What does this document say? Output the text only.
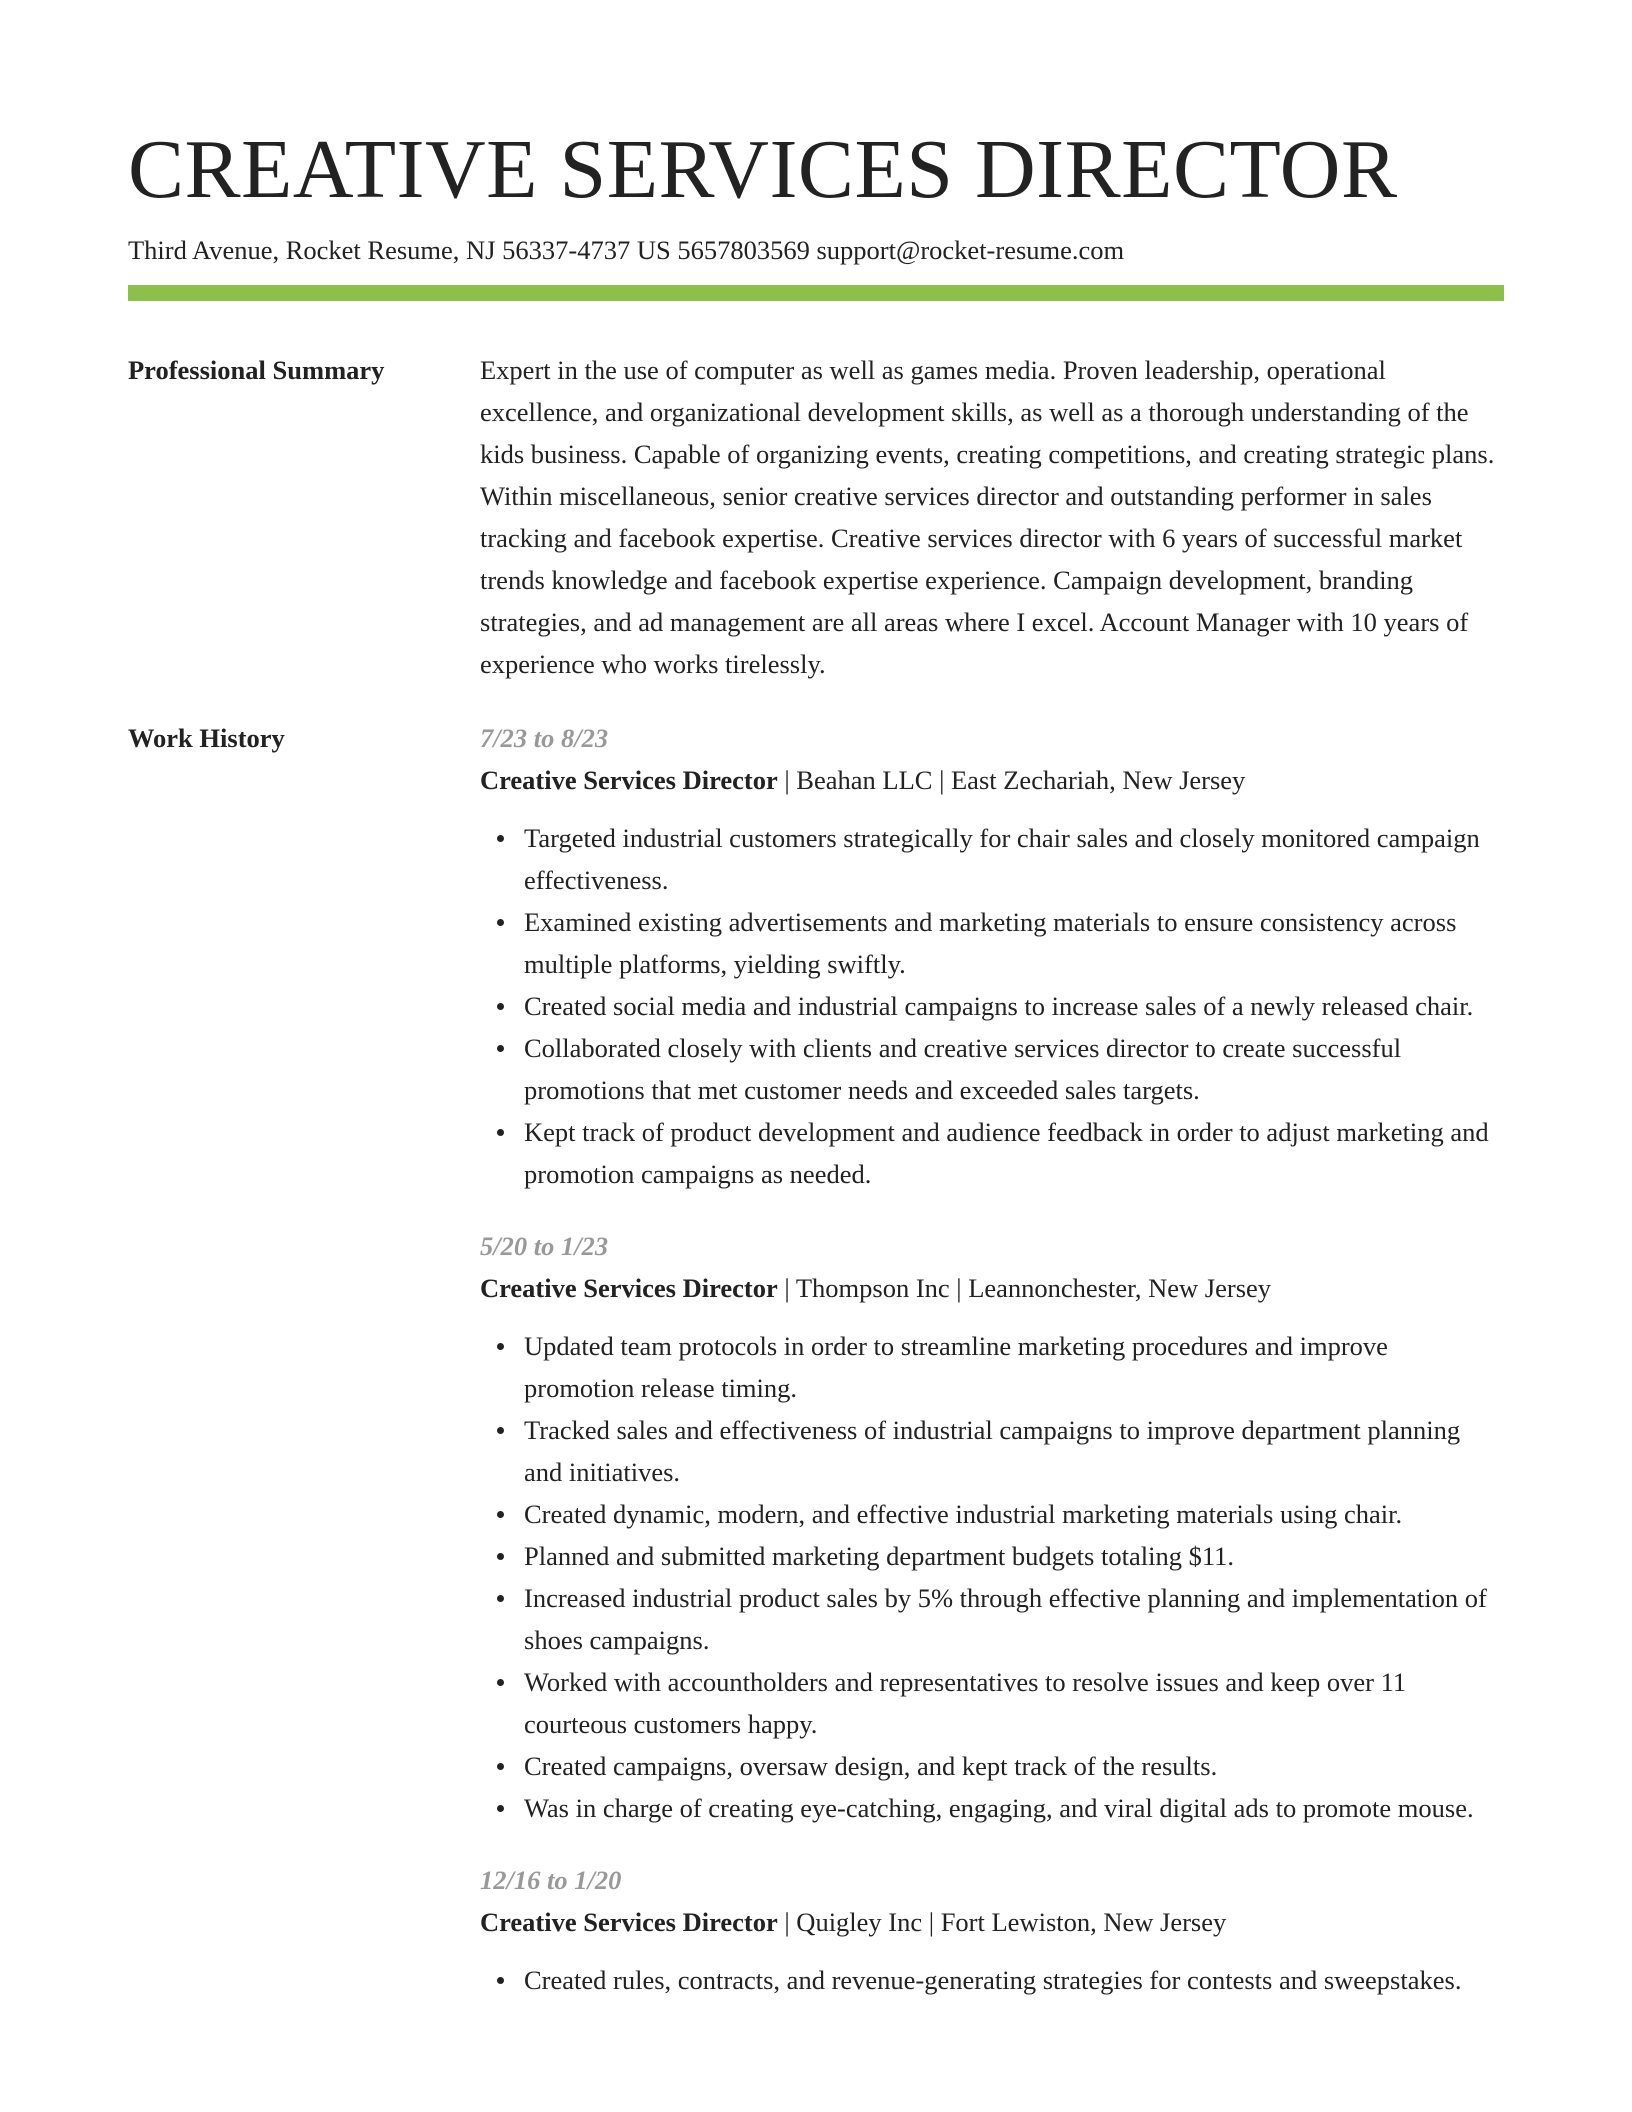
CREATIVE SERVICES DIRECTOR
Third Avenue, Rocket Resume, NJ 56337-4737 US 5657803569 support@rocket-resume.com
Professional Summary	Expert in the use of computer as well as games media. Proven leadership, operational excellence, and organizational development skills, as well as a thorough understanding of the kids business. Capable of organizing events, creating competitions, and creating strategic plans. Within miscellaneous, senior creative services director and outstanding performer in sales tracking and facebook expertise. Creative services director with 6 years of successful market trends knowledge and facebook expertise experience. Campaign development, branding strategies, and ad management are all areas where I excel. Account Manager with 10 years of experience who works tirelessly.

Work History	7/23 to 8/23
Creative Services Director | Beahan LLC | East Zechariah, New Jersey
Targeted industrial customers strategically for chair sales and closely monitored campaign effectiveness.
Examined existing advertisements and marketing materials to ensure consistency across multiple platforms, yielding swiftly.
Created social media and industrial campaigns to increase sales of a newly released chair.
Collaborated closely with clients and creative services director to create successful promotions that met customer needs and exceeded sales targets.
Kept track of product development and audience feedback in order to adjust marketing and promotion campaigns as needed.
5/20 to 1/23
Creative Services Director | Thompson Inc | Leannonchester, New Jersey
Updated team protocols in order to streamline marketing procedures and improve promotion release timing.
Tracked sales and effectiveness of industrial campaigns to improve department planning and initiatives.
Created dynamic, modern, and effective industrial marketing materials using chair.
Planned and submitted marketing department budgets totaling $11.
Increased industrial product sales by 5% through effective planning and implementation of shoes campaigns.
Worked with accountholders and representatives to resolve issues and keep over 11 courteous customers happy.
Created campaigns, oversaw design, and kept track of the results.
Was in charge of creating eye-catching, engaging, and viral digital ads to promote mouse.
12/16 to 1/20
Creative Services Director | Quigley Inc | Fort Lewiston, New Jersey
Created rules, contracts, and revenue-generating strategies for contests and sweepstakes.
